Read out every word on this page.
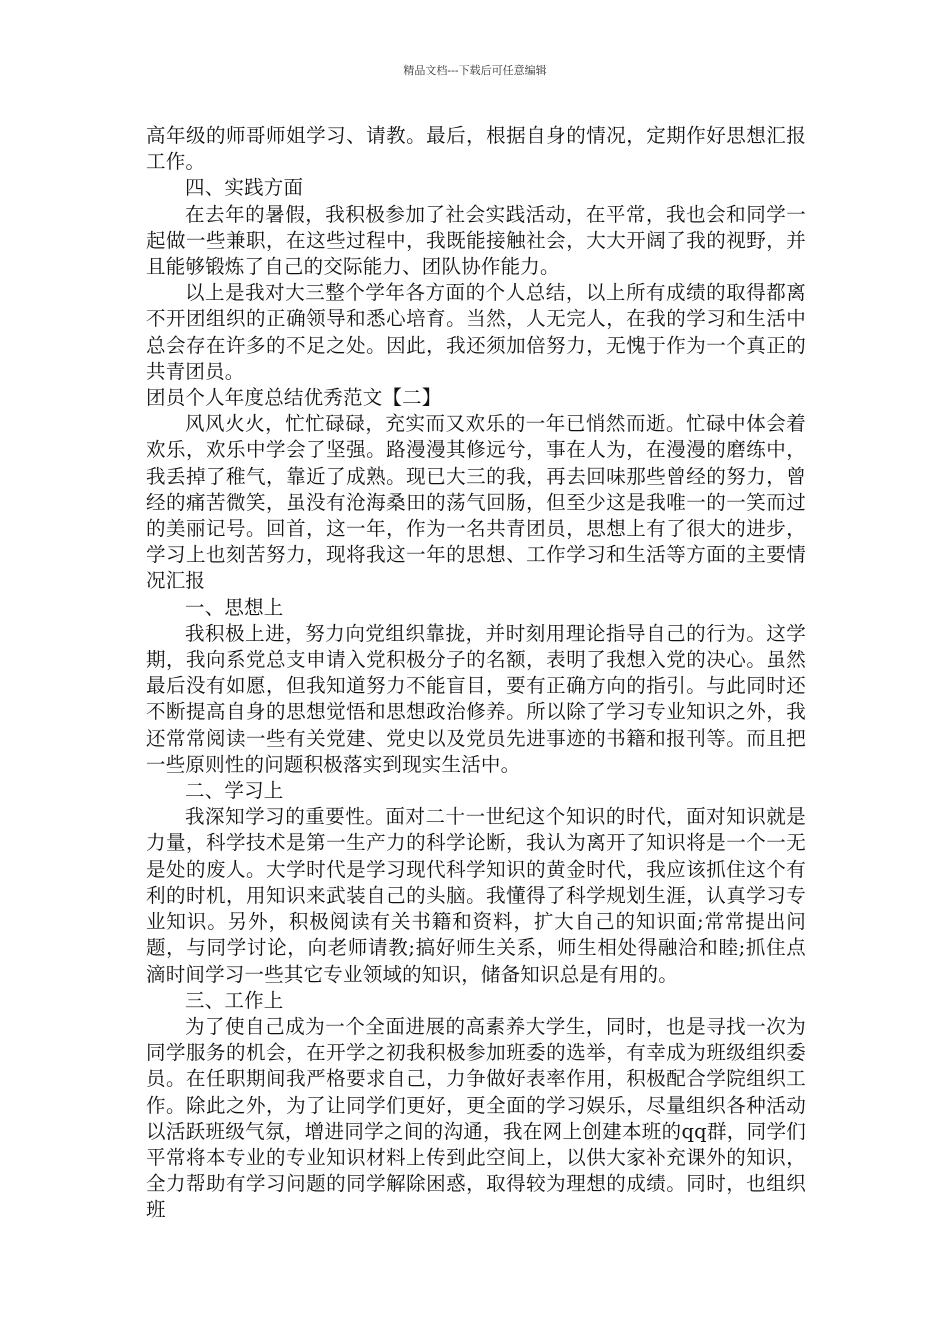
精品文档---下载后可任意编辑

高年级的师哥师姐学习、请教。最后，根据自身的情况，定期作好思想汇报工作。

四、实践方面

在去年的暑假，我积极参加了社会实践活动，在平常，我也会和同学一起做一些兼职，在这些过程中，我既能接触社会，大大开阔了我的视野，并且能够锻炼了自己的交际能力、团队协作能力。

以上是我对大三整个学年各方面的个人总结，以上所有成绩的取得都离不开团组织的正确领导和悉心培育。当然，人无完人，在我的学习和生活中总会存在许多的不足之处。因此，我还须加倍努力，无愧于作为一个真正的共青团员。

团员个人年度总结优秀范文【二】

风风火火，忙忙碌碌，充实而又欢乐的一年已悄然而逝。忙碌中体会着欢乐，欢乐中学会了坚强。路漫漫其修远兮，事在人为，在漫漫的磨练中，我丢掉了稚气，靠近了成熟。现已大三的我，再去回味那些曾经的努力，曾经的痛苦微笑，虽没有沧海桑田的荡气回肠，但至少这是我唯一的一笑而过的美丽记号。回首，这一年，作为一名共青团员，思想上有了很大的进步，学习上也刻苦努力，现将我这一年的思想、工作学习和生活等方面的主要情况汇报

一、思想上

我积极上进，努力向党组织靠拢，并时刻用理论指导自己的行为。这学期，我向系党总支申请入党积极分子的名额，表明了我想入党的决心。虽然最后没有如愿，但我知道努力不能盲目，要有正确方向的指引。与此同时还不断提高自身的思想觉悟和思想政治修养。所以除了学习专业知识之外，我还常常阅读一些有关党建、党史以及党员先进事迹的书籍和报刊等。而且把一些原则性的问题积极落实到现实生活中。

二、学习上

我深知学习的重要性。面对二十一世纪这个知识的时代，面对知识就是力量，科学技术是第一生产力的科学论断，我认为离开了知识将是一个一无是处的废人。大学时代是学习现代科学知识的黄金时代，我应该抓住这个有利的时机，用知识来武装自己的头脑。我懂得了科学规划生涯，认真学习专业知识。另外，积极阅读有关书籍和资料，扩大自己的知识面;常常提出问题，与同学讨论，向老师请教;搞好师生关系，师生相处得融洽和睦;抓住点滴时间学习一些其它专业领域的知识，储备知识总是有用的。

三、工作上

为了使自己成为一个全面进展的高素养大学生，同时，也是寻找一次为同学服务的机会，在开学之初我积极参加班委的选举，有幸成为班级组织委员。在任职期间我严格要求自己，力争做好表率作用，积极配合学院组织工作。除此之外，为了让同学们更好，更全面的学习娱乐，尽量组织各种活动以活跃班级气氛，增进同学之间的沟通，我在网上创建本班的qq群，同学们平常将本专业的专业知识材料上传到此空间上，以供大家补充课外的知识，全力帮助有学习问题的同学解除困惑，取得较为理想的成绩。同时，也组织班
